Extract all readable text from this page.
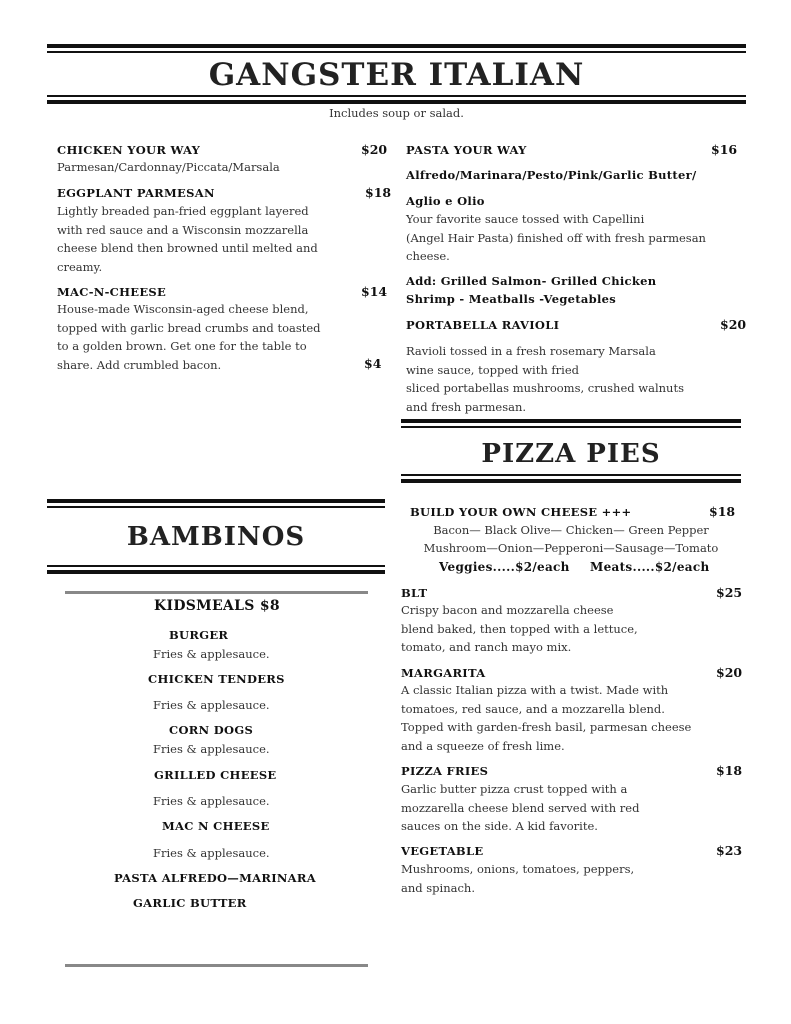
GANGSTER ITALIAN
Includes soup or salad.
CHICKEN YOUR WAY	$20
Parmesan/Cardonnay/Piccata/Marsala
EGGPLANT PARMESAN	$18
Lightly breaded pan-fried eggplant layered
with red sauce and a Wisconsin mozzarella
cheese blend then browned until melted and
creamy.
MAC-N-CHEESE	$14
House-made Wisconsin-aged cheese blend,
topped with garlic bread crumbs and toasted
to a golden brown. Get one for the table to
share. Add crumbled bacon.	$4
PASTA YOUR WAY	$16
Alfredo/Marinara/Pesto/Pink/Garlic Butter/
Aglio e Olio
Your favorite sauce tossed with Capellini
(Angel Hair Pasta) finished off with fresh parmesan
cheese.
Add: Grilled Salmon- Grilled Chicken
Shrimp - Meatballs -Vegetables
PORTABELLA RAVIOLI	$20
Ravioli tossed in a fresh rosemary Marsala
wine sauce, topped with fried
sliced portabellas mushrooms, crushed walnuts
and fresh parmesan.
PIZZA PIES
BUILD YOUR OWN CHEESE +++	$18
Bacon— Black Olive— Chicken— Green Pepper
Mushroom—Onion—Pepperoni—Sausage—Tomato
Veggies.....$2/each Meats.....$2/each
BLT	$25
Crispy bacon and mozzarella cheese
blend baked, then topped with a lettuce,
tomato, and ranch mayo mix.
MARGARITA	$20
A classic Italian pizza with a twist. Made with
tomatoes, red sauce, and a mozzarella blend.
Topped with garden-fresh basil, parmesan cheese
and a squeeze of fresh lime.
PIZZA FRIES	$18
Garlic butter pizza crust topped with a
mozzarella cheese blend served with red
sauces on the side. A kid favorite.
VEGETABLE	$23
Mushrooms, onions, tomatoes, peppers,
and spinach.
BAMBINOS
KIDSMEALS $8
BURGER
Fries & applesauce.
CHICKEN TENDERS
Fries & applesauce.
CORN DOGS
Fries & applesauce.
GRILLED CHEESE
Fries & applesauce.
MAC N CHEESE
Fries & applesauce.
PASTA ALFREDO—MARINARA
GARLIC BUTTER
